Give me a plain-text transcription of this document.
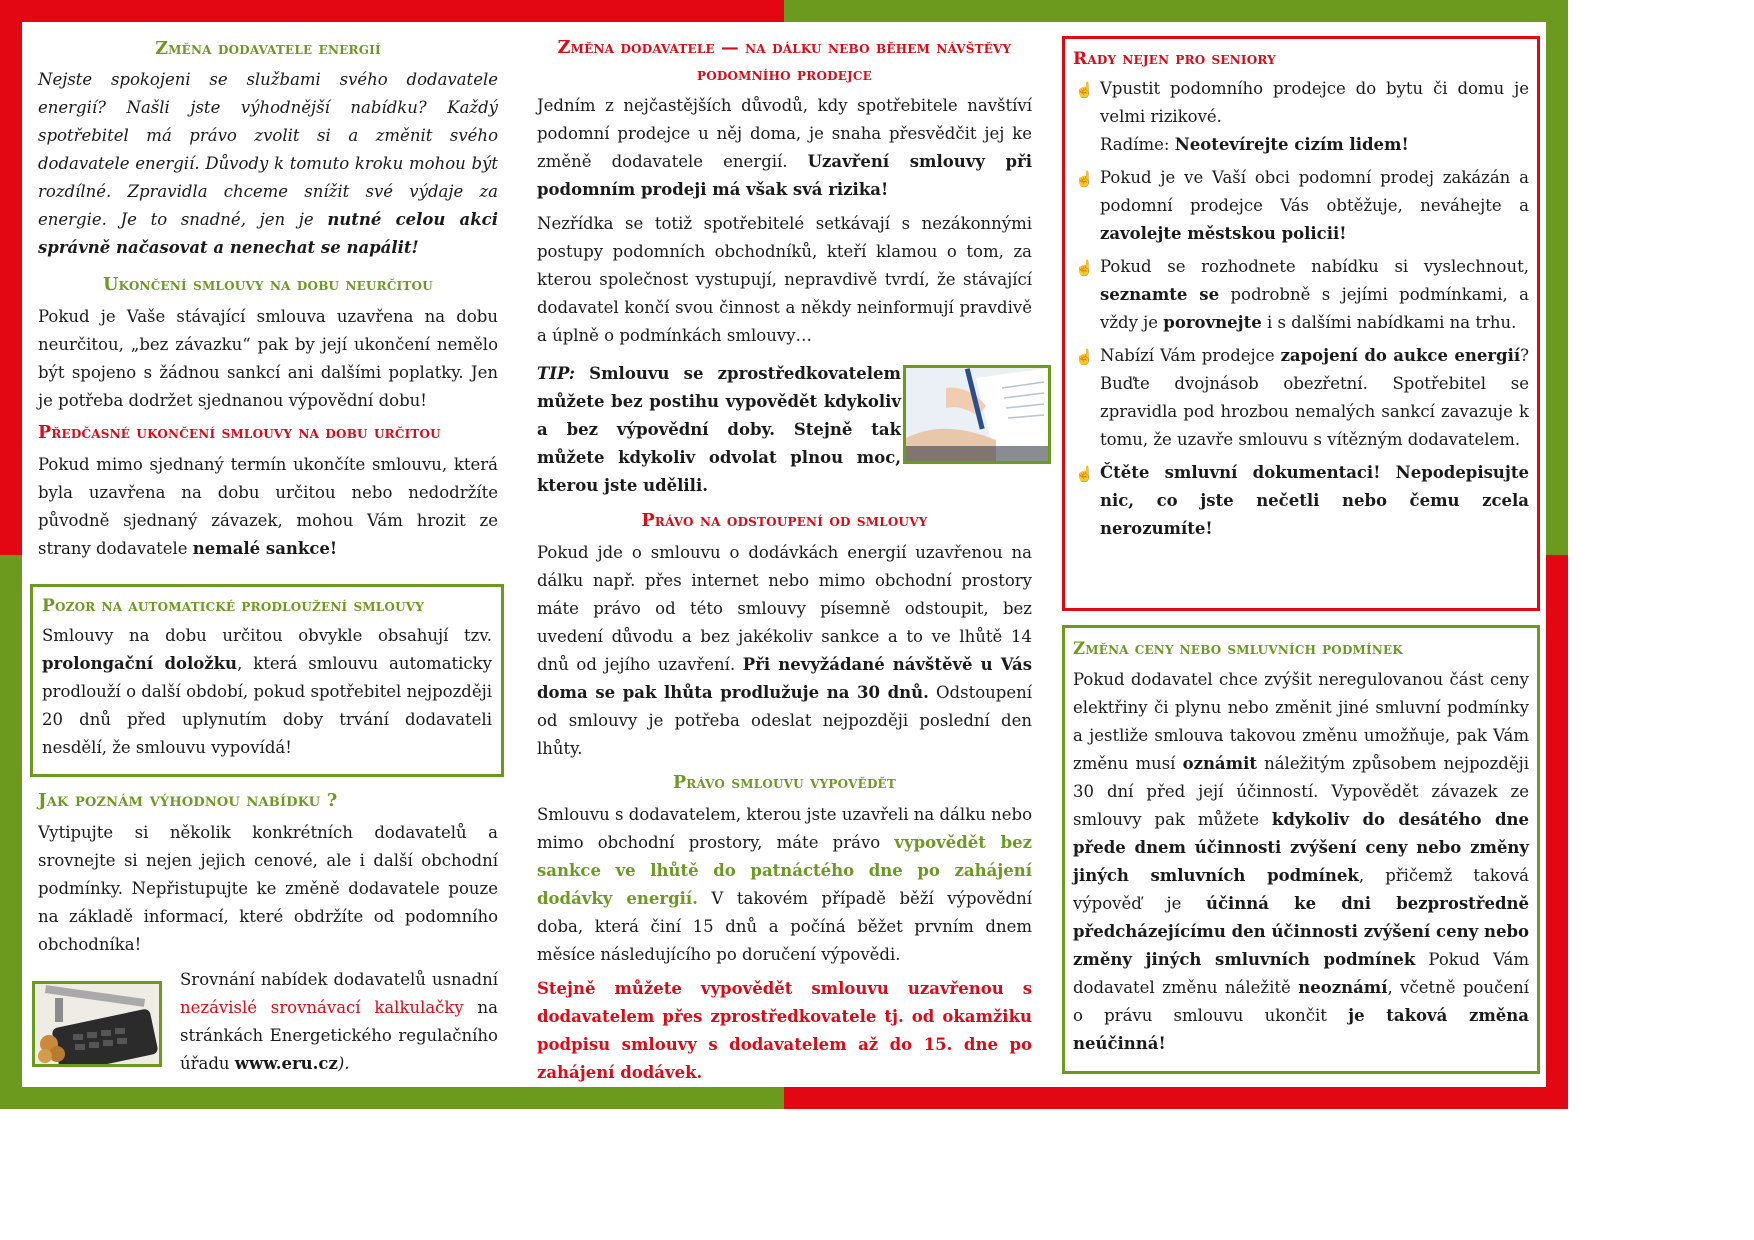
Změna dodavatele energií

Nejste spokojeni se službami svého dodavatele energií? Našli jste výhodnější nabídku? Každý spotřebitel má právo zvolit si a změnit svého dodavatele energií. Důvody k tomuto kroku mohou být rozdílné. Zpravidla chceme snížit své výdaje za energie. Je to snadné, jen je nutné celou akci správně načasovat a nenechat se napálit!

Ukončení smlouvy na dobu neurčitou

Pokud je Vaše stávající smlouva uzavřena na dobu neurčitou, „bez závazku“ pak by její ukončení nemělo být spojeno s žádnou sankcí ani dalšími poplatky. Jen je potřeba dodržet sjednanou výpovědní dobu!

Předčasné ukončení smlouvy na dobu určitou

Pokud mimo sjednaný termín ukončíte smlouvu, která byla uzavřena na dobu určitou nebo nedodržíte původně sjednaný závazek, mohou Vám hrozit ze strany dodavatele nemalé sankce!

Pozor na automatické prodloužení smlouvy

Smlouvy na dobu určitou obvykle obsahují tzv. prolongační doložku, která smlouvu automaticky prodlouží o další období, pokud spotřebitel nejpozději 20 dnů před uplynutím doby trvání dodavateli nesdělí, že smlouvu vypovídá!

Jak poznám výhodnou nabídku ?

Vytipujte si několik konkrétních dodavatelů a srovnejte si nejen jejich cenové, ale i další obchodní podmínky. Nepřistupujte ke změně dodavatele pouze na základě informací, které obdržíte od podomního obchodníka!

Srovnání nabídek dodavatelů usnadní nezávislé srovnávací kalkulačky na stránkách Energetického regulačního úřadu www.eru.cz).

Změna dodavatele — na dálku nebo během návštěvy podomního prodejce

Jedním z nejčastějších důvodů, kdy spotřebitele navštíví podomní prodejce u něj doma, je snaha přesvědčit jej ke změně dodavatele energií. Uzavření smlouvy při podomním prodeji má však svá rizika!

Nezřídka se totiž spotřebitelé setkávají s nezákonnými postupy podomních obchodníků, kteří klamou o tom, za kterou společnost vystupují, nepravdivě tvrdí, že stávající dodavatel končí svou činnost a někdy neinformují pravdivě a úplně o podmínkách smlouvy…

TIP: Smlouvu se zprostředkovatelem můžete bez postihu vypovědět kdykoliv a bez výpovědní doby. Stejně tak můžete kdykoliv odvolat plnou moc, kterou jste udělili.

Právo na odstoupení od smlouvy

Pokud jde o smlouvu o dodávkách energií uzavřenou na dálku např. přes internet nebo mimo obchodní prostory máte právo od této smlouvy písemně odstoupit, bez uvedení důvodu a bez jakékoliv sankce a to ve lhůtě 14 dnů od jejího uzavření. Při nevyžádané návštěvě u Vás doma se pak lhůta prodlužuje na 30 dnů. Odstoupení od smlouvy je potřeba odeslat nejpozději poslední den lhůty.

Právo smlouvu vypovědět

Smlouvu s dodavatelem, kterou jste uzavřeli na dálku nebo mimo obchodní prostory, máte právo vypovědět bez sankce ve lhůtě do patnáctého dne po zahájení dodávky energií. V takovém případě běží výpovědní doba, která činí 15 dnů a počíná běžet prvním dnem měsíce následujícího po doručení výpovědi.

Stejně můžete vypovědět smlouvu uzavřenou s dodavatelem přes zprostředkovatele tj. od okamžiku podpisu smlouvy s dodavatelem až do 15. dne po zahájení dodávek.

Rady nejen pro seniory
☝ Vpustit podomního prodejce do bytu či domu je velmi rizikové.
Radíme: Neotevírejte cizím lidem!
☝ Pokud je ve Vaší obci podomní prodej zakázán a podomní prodejce Vás obtěžuje, neváhejte a zavolejte městskou policii!
☝ Pokud se rozhodnete nabídku si vyslechnout, seznamte se podrobně s jejími podmínkami, a vždy je porovnejte i s dalšími nabídkami na trhu.
☝ Nabízí Vám prodejce zapojení do aukce energií? Buďte dvojnásob obezřetní. Spotřebitel se zpravidla pod hrozbou nemalých sankcí zavazuje k tomu, že uzavře smlouvu s vítězným dodavatelem.
☝ Čtěte smluvní dokumentaci! Nepodepisujte nic, co jste nečetli nebo čemu zcela nerozumíte!
Změna ceny nebo smluvních podmínek

Pokud dodavatel chce zvýšit neregulovanou část ceny elektřiny či plynu nebo změnit jiné smluvní podmínky a jestliže smlouva takovou změnu umožňuje, pak Vám změnu musí oznámit náležitým způsobem nejpozději 30 dní před její účinností. Vypovědět závazek ze smlouvy pak můžete kdykoliv do desátého dne přede dnem účinnosti zvýšení ceny nebo změny jiných smluvních podmínek, přičemž taková výpověď je účinná ke dni bezprostředně předcházejícímu den účinnosti zvýšení ceny nebo změny jiných smluvních podmínek Pokud Vám dodavatel změnu náležitě neoznámí, včetně poučení o právu smlouvu ukončit je taková změna neúčinná!
